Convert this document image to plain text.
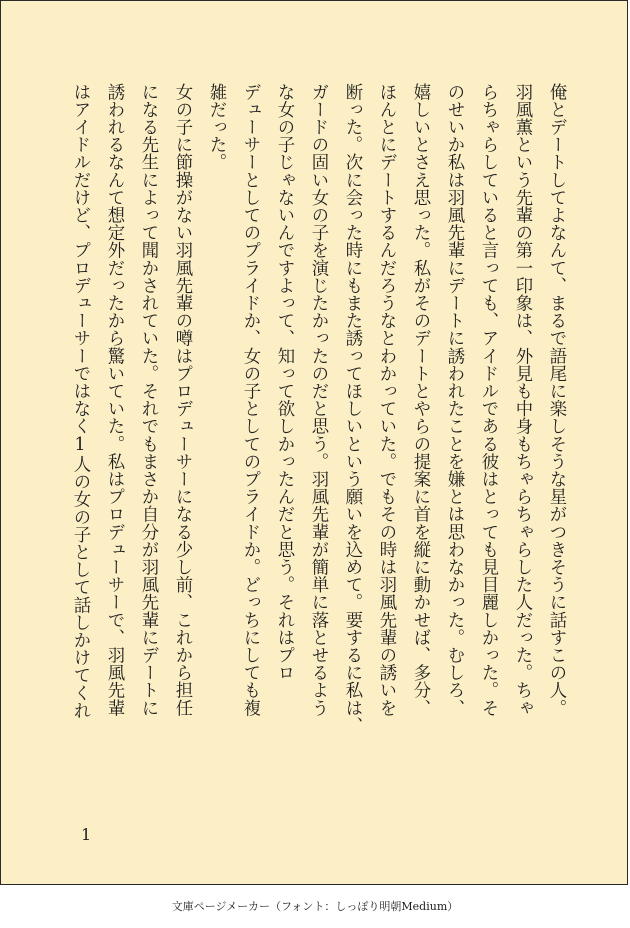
俺とデートしてよなんて、まるで語尾に楽しそうな星がつきそうに話すこの人。
羽風薫という先輩の第一印象は、外見も中身もちゃらちゃらした人だった。ちゃ
らちゃらしていると言っても、アイドルである彼はとっても見目麗しかった。そ
のせいか私は羽風先輩にデートに誘われたことを嫌とは思わなかった。むしろ、
嬉しいとさえ思った。私がそのデートとやらの提案に首を縦に動かせば、多分、
ほんとにデートするんだろうなとわかっていた。でもその時は羽風先輩の誘いを
断った。次に会った時にもまた誘ってほしいという願いを込めて。要するに私は、
ガードの固い女の子を演じたかったのだと思う。羽風先輩が簡単に落とせるよう
な女の子じゃないんですよって、知って欲しかったんだと思う。それはプロ
デューサーとしてのプライドか、女の子としてのプライドか。どっちにしても複
雑だった。
女の子に節操がない羽風先輩の噂はプロデューサーになる少し前、これから担任
になる先生によって聞かされていた。それでもまさか自分が羽風先輩にデートに
誘われるなんて想定外だったから驚いていた。私はプロデューサーで、羽風先輩
はアイドルだけど、プロデューサーではなく1人の女の子として話しかけてくれ
1
文庫ページメーカー（フォント：しっぽり明朝Medium）
